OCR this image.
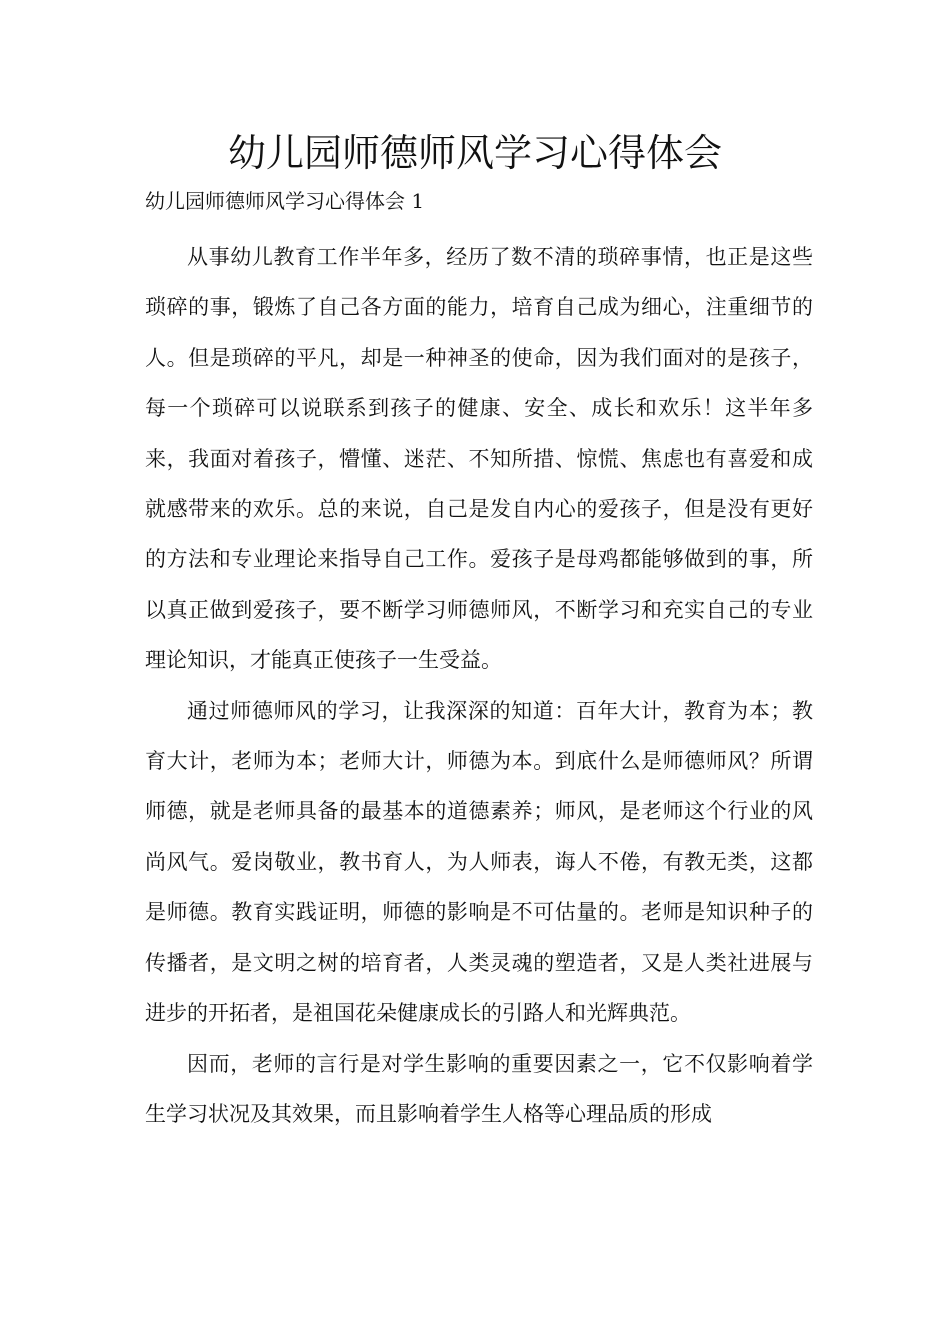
幼儿园师德师风学习心得体会

幼儿园师德师风学习心得体会 1

从事幼儿教育工作半年多，经历了数不清的琐碎事情，也正是这些琐碎的事，锻炼了自己各方面的能力，培育自己成为细心，注重细节的人。但是琐碎的平凡，却是一种神圣的使命，因为我们面对的是孩子，每一个琐碎可以说联系到孩子的健康、安全、成长和欢乐！这半年多来，我面对着孩子，懵懂、迷茫、不知所措、惊慌、焦虑也有喜爱和成就感带来的欢乐。总的来说，自己是发自内心的爱孩子，但是没有更好的方法和专业理论来指导自己工作。爱孩子是母鸡都能够做到的事，所以真正做到爱孩子，要不断学习师德师风，不断学习和充实自己的专业理论知识，才能真正使孩子一生受益。

通过师德师风的学习，让我深深的知道：百年大计，教育为本；教育大计，老师为本；老师大计，师德为本。到底什么是师德师风？所谓师德，就是老师具备的最基本的道德素养；师风，是老师这个行业的风尚风气。爱岗敬业，教书育人，为人师表，诲人不倦，有教无类，这都是师德。教育实践证明，师德的影响是不可估量的。老师是知识种子的传播者，是文明之树的培育者，人类灵魂的塑造者，又是人类社进展与进步的开拓者，是祖国花朵健康成长的引路人和光辉典范。

因而，老师的言行是对学生影响的重要因素之一，它不仅影响着学生学习状况及其效果，而且影响着学生人格等心理品质的形成
